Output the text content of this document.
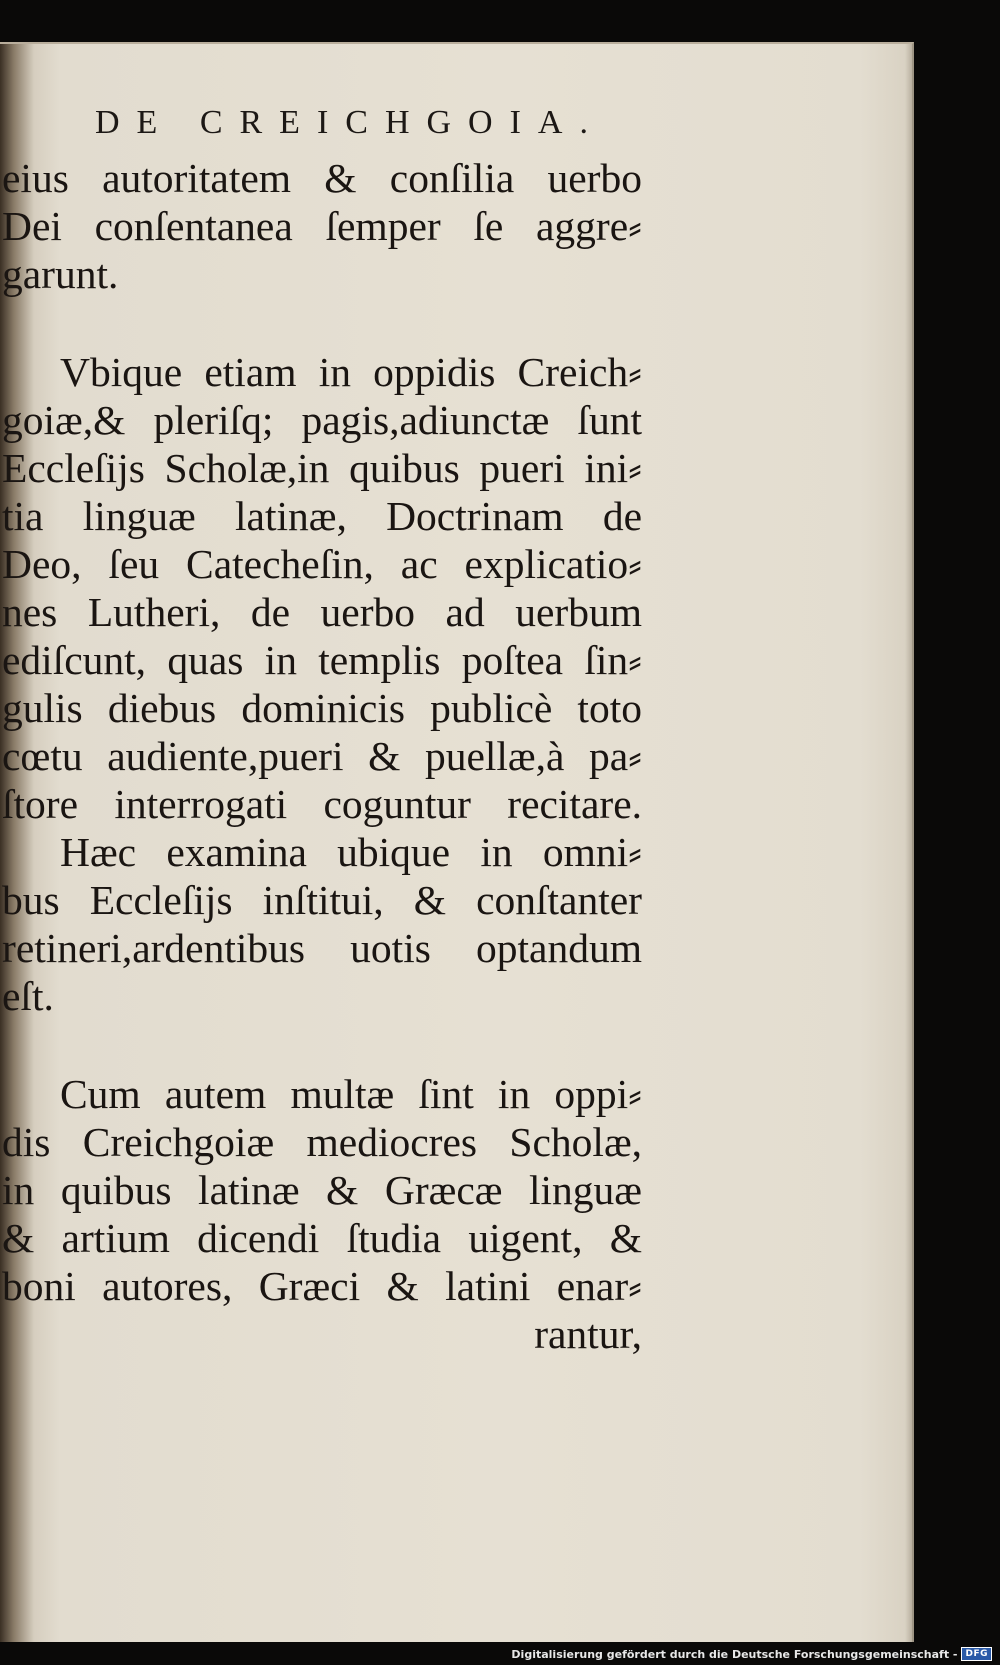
DE CREICHGOIA.
eius autoritatem & conſilia uerbo
Dei conſentanea ſemper ſe aggre⸗
garunt.
Vbique etiam in oppidis Creich⸗
goiæ,& pleriſq; pagis,adiunctæ ſunt
Eccleſijs Scholæ,in quibus pueri ini⸗
tia linguæ latinæ, Doctrinam de
Deo, ſeu Catecheſin, ac explicatio⸗
nes Lutheri, de uerbo ad uerbum
ediſcunt, quas in templis poſtea ſin⸗
gulis diebus dominicis publicè toto
cœtu audiente,pueri & puellæ,à pa⸗
ſtore interrogati coguntur recitare.
Hæc examina ubique in omni⸗
bus Eccleſijs inſtitui, & conſtanter
retineri,ardentibus uotis optandum
eſt.
Cum autem multæ ſint in oppi⸗
dis Creichgoiæ mediocres Scholæ,
in quibus latinæ & Græcæ linguæ
& artium dicendi ſtudia uigent, &
boni autores, Græci & latini enar⸗
rantur,
Digitalisierung gefördert durch die Deutsche Forschungsgemeinschaft - DFG
